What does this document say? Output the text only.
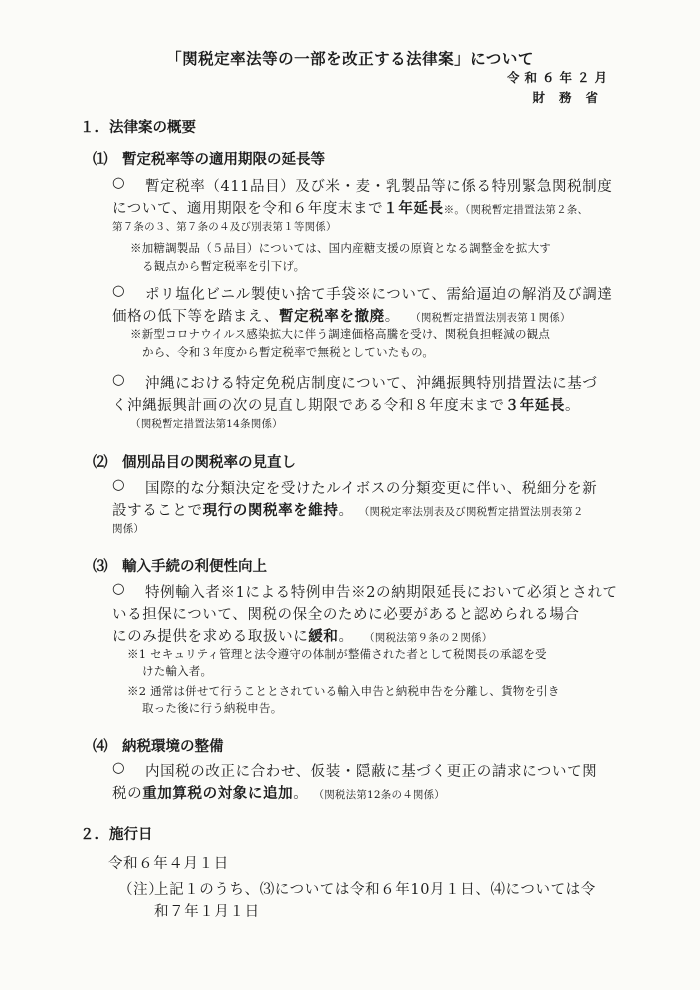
「関税定率法等の一部を改正する法律案」について
令和６年２月
財務省
１．法律案の概要
⑴ 暫定税率等の適用期限の延長等
○ 暫定税率（411品目）及び米・麦・乳製品等に係る特別緊急関税制度
について、適用期限を令和６年度末まで１年延長※。（関税暫定措置法第２条、
第７条の３、第７条の４及び別表第１等関係）
※加糖調製品（５品目）については、国内産糖支援の原資となる調整金を拡大す
る観点から暫定税率を引下げ。
○ ポリ塩化ビニル製使い捨て手袋※について、需給逼迫の解消及び調達
価格の低下等を踏まえ、暫定税率を撤廃。 （関税暫定措置法別表第１関係）
※新型コロナウイルス感染拡大に伴う調達価格高騰を受け、関税負担軽減の観点
から、令和３年度から暫定税率で無税としていたもの。
○ 沖縄における特定免税店制度について、沖縄振興特別措置法に基づ
く沖縄振興計画の次の見直し期限である令和８年度末まで３年延長。
（関税暫定措置法第14条関係）
⑵ 個別品目の関税率の見直し
○ 国際的な分類決定を受けたルイボスの分類変更に伴い、税細分を新
設することで現行の関税率を維持。 （関税定率法別表及び関税暫定措置法別表第２
関係）
⑶ 輸入手続の利便性向上
○ 特例輸入者※1による特例申告※2の納期限延長において必須とされて
いる担保について、関税の保全のために必要があると認められる場合
にのみ提供を求める取扱いに緩和。 （関税法第９条の２関係）
※1 セキュリティ管理と法令遵守の体制が整備された者として税関長の承認を受
けた輸入者。
※2 通常は併せて行うこととされている輸入申告と納税申告を分離し、貨物を引き
取った後に行う納税申告。
⑷ 納税環境の整備
○ 内国税の改正に合わせ、仮装・隠蔽に基づく更正の請求について関
税の重加算税の対象に追加。 （関税法第12条の４関係）
２．施行日
令和６年４月１日
（注）
上記１のうち、⑶については令和６年10月１日、⑷については令
和７年１月１日
